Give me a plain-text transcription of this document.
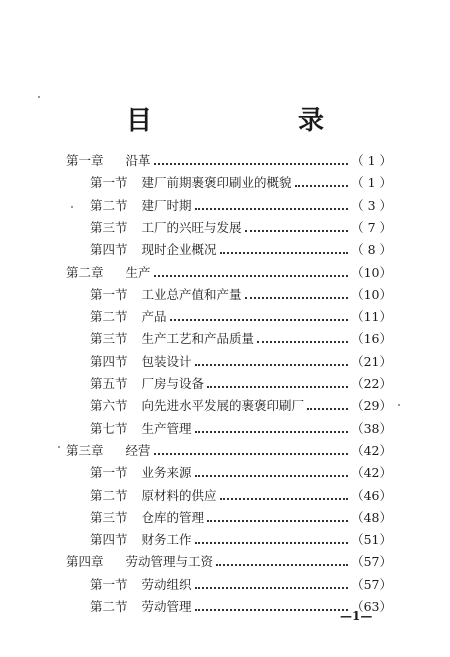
目　录
第一章 沿革	（ 1 ）
第一节 建厂前期裹褒印刷业的概貌	（ 1 ）
第二节 建厂时期	（ 3 ）
第三节 工厂的兴旺与发展	（ 7 ）
第四节 现时企业概况	（ 8 ）
第二章 生产	（10）
第一节 工业总产值和产量	（10）
第二节 产品	（11）
第三节 生产工艺和产品质量	（16）
第四节 包装设计	（21）
第五节 厂房与设备	（22）
第六节 向先进水平发展的裹褒印刷厂	（29）
第七节 生产管理	（38）
第三章 经营	（42）
第一节 业务来源	（42）
第二节 原材料的供应	（46）
第三节 仓库的管理	（48）
第四节 财务工作	（51）
第四章 劳动管理与工资	（57）
第一节 劳动组织	（57）
第二节 劳动管理	（63）
—1—
